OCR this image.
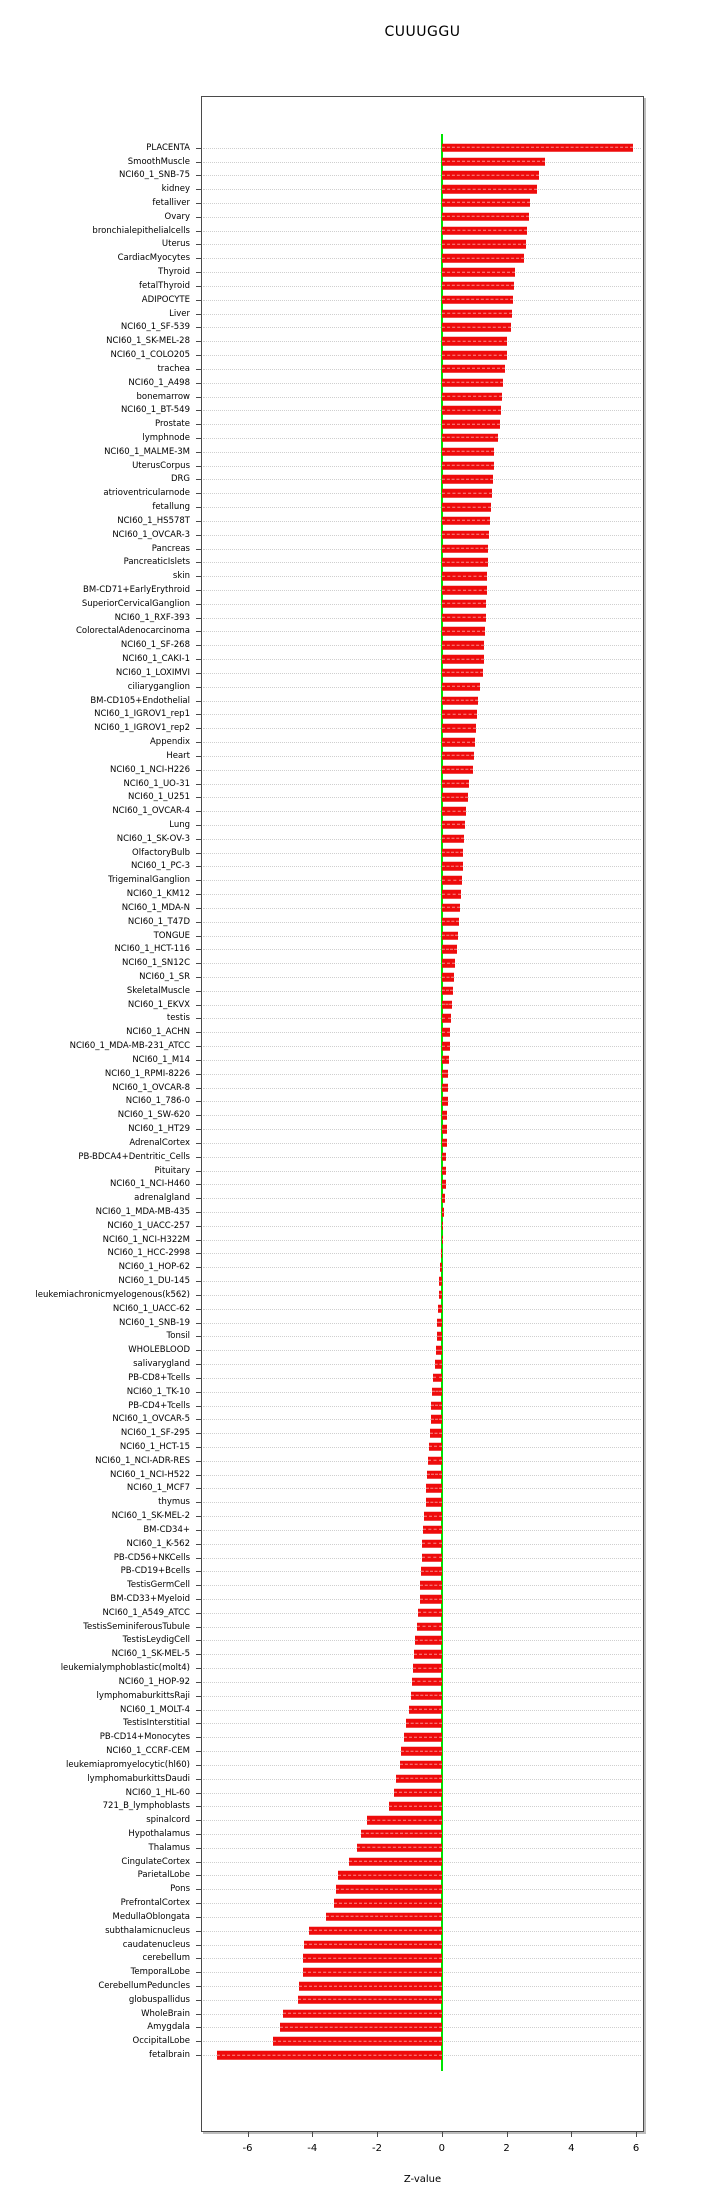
CUUUGGU
PLACENTA
SmoothMuscle
NCI60_1_SNB-75
kidney
fetalliver
Ovary
bronchialepithelialcells
Uterus
CardiacMyocytes
Thyroid
fetalThyroid
ADIPOCYTE
Liver
NCI60_1_SF-539
NCI60_1_SK-MEL-28
NCI60_1_COLO205
trachea
NCI60_1_A498
bonemarrow
NCI60_1_BT-549
Prostate
lymphnode
NCI60_1_MALME-3M
UterusCorpus
DRG
atrioventricularnode
fetallung
NCI60_1_HS578T
NCI60_1_OVCAR-3
Pancreas
PancreaticIslets
skin
BM-CD71+EarlyErythroid
SuperiorCervicalGanglion
NCI60_1_RXF-393
ColorectalAdenocarcinoma
NCI60_1_SF-268
NCI60_1_CAKI-1
NCI60_1_LOXIMVI
ciliaryganglion
BM-CD105+Endothelial
NCI60_1_IGROV1_rep1
NCI60_1_IGROV1_rep2
Appendix
Heart
NCI60_1_NCI-H226
NCI60_1_UO-31
NCI60_1_U251
NCI60_1_OVCAR-4
Lung
NCI60_1_SK-OV-3
OlfactoryBulb
NCI60_1_PC-3
TrigeminalGanglion
NCI60_1_KM12
NCI60_1_MDA-N
NCI60_1_T47D
TONGUE
NCI60_1_HCT-116
NCI60_1_SN12C
NCI60_1_SR
SkeletalMuscle
NCI60_1_EKVX
testis
NCI60_1_ACHN
NCI60_1_MDA-MB-231_ATCC
NCI60_1_M14
NCI60_1_RPMI-8226
NCI60_1_OVCAR-8
NCI60_1_786-0
NCI60_1_SW-620
NCI60_1_HT29
AdrenalCortex
PB-BDCA4+Dentritic_Cells
Pituitary
NCI60_1_NCI-H460
adrenalgland
NCI60_1_MDA-MB-435
NCI60_1_UACC-257
NCI60_1_NCI-H322M
NCI60_1_HCC-2998
NCI60_1_HOP-62
NCI60_1_DU-145
leukemiachronicmyelogenous(k562)
NCI60_1_UACC-62
NCI60_1_SNB-19
Tonsil
WHOLEBLOOD
salivarygland
PB-CD8+Tcells
NCI60_1_TK-10
PB-CD4+Tcells
NCI60_1_OVCAR-5
NCI60_1_SF-295
NCI60_1_HCT-15
NCI60_1_NCI-ADR-RES
NCI60_1_NCI-H522
NCI60_1_MCF7
thymus
NCI60_1_SK-MEL-2
BM-CD34+
NCI60_1_K-562
PB-CD56+NKCells
PB-CD19+Bcells
TestisGermCell
BM-CD33+Myeloid
NCI60_1_A549_ATCC
TestisSeminiferousTubule
TestisLeydigCell
NCI60_1_SK-MEL-5
leukemialymphoblastic(molt4)
NCI60_1_HOP-92
lymphomaburkittsRaji
NCI60_1_MOLT-4
TestisInterstitial
PB-CD14+Monocytes
NCI60_1_CCRF-CEM
leukemiapromyelocytic(hl60)
lymphomaburkittsDaudi
NCI60_1_HL-60
721_B_lymphoblasts
spinalcord
Hypothalamus
Thalamus
CingulateCortex
ParietalLobe
Pons
PrefrontalCortex
MedullaOblongata
subthalamicnucleus
caudatenucleus
cerebellum
TemporalLobe
CerebellumPeduncles
globuspallidus
WholeBrain
Amygdala
OccipitalLobe
fetalbrain
-6	-4	-2	0	2	4	6
Z-value
